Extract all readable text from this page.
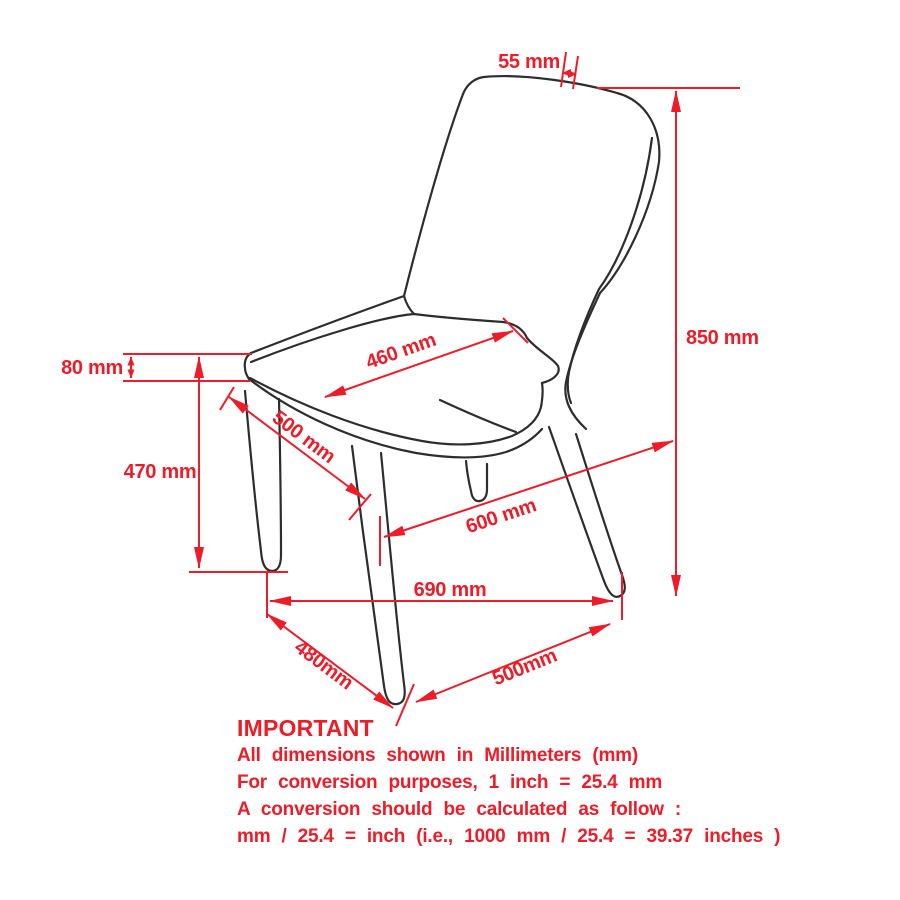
55 mm
850 mm
460 mm
500 mm
80 mm
470 mm
600 mm
690 mm
480mm	500mm
IMPORTANT
All dimensions shown in Millimeters (mm)
For conversion purposes, 1 inch = 25.4 mm
A conversion should be calculated as follow :
mm / 25.4 = inch (i.e., 1000 mm / 25.4 = 39.37 inches )
